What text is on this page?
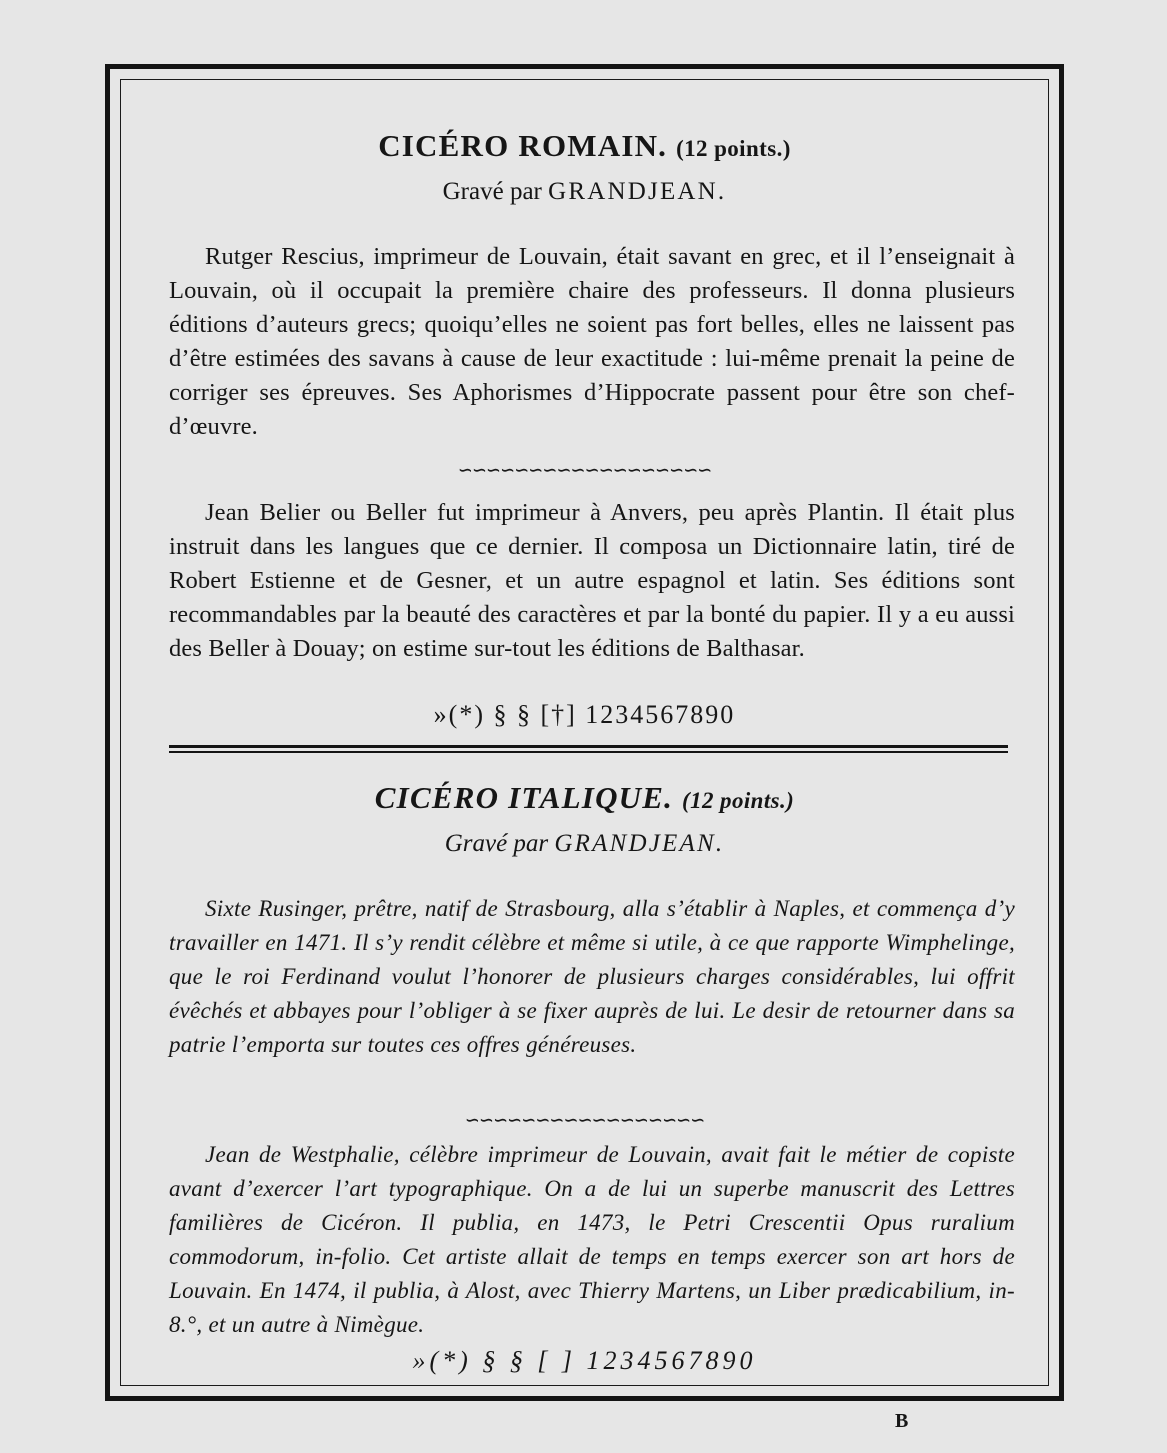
CICÉRO ROMAIN. (12 points.)

Gravé par GRANDJEAN.

Rutger Rescius, imprimeur de Louvain, était savant en grec, et il l’enseignait à Louvain, où il occupait la première chaire des professeurs. Il donna plusieurs éditions d’auteurs grecs; quoiqu’elles ne soient pas fort belles, elles ne laissent pas d’être estimées des savans à cause de leur exactitude : lui-même prenait la peine de corriger ses épreuves. Ses Aphorismes d’Hippocrate passent pour être son chef-d’œuvre.

∽∽∽∽∽∽∽∽∽∽∽∽∽∽∽∽∽∽

Jean Belier ou Beller fut imprimeur à Anvers, peu après Plantin. Il était plus instruit dans les langues que ce dernier. Il composa un Dictionnaire latin, tiré de Robert Estienne et de Gesner, et un autre espagnol et latin. Ses éditions sont recommandables par la beauté des caractères et par la bonté du papier. Il y a eu aussi des Beller à Douay; on estime sur-tout les éditions de Balthasar.

»(*) § § [†] 1234567890

CICÉRO ITALIQUE. (12 points.)

Gravé par GRANDJEAN.

Sixte Rusinger, prêtre, natif de Strasbourg, alla s’établir à Naples, et commença d’y travailler en 1471. Il s’y rendit célèbre et même si utile, à ce que rapporte Wimphelinge, que le roi Ferdinand voulut l’honorer de plusieurs charges considérables, lui offrit évêchés et abbayes pour l’obliger à se fixer auprès de lui. Le desir de retourner dans sa patrie l’emporta sur toutes ces offres généreuses.

∽∽∽∽∽∽∽∽∽∽∽∽∽∽∽∽∽

Jean de Westphalie, célèbre imprimeur de Louvain, avait fait le métier de copiste avant d’exercer l’art typographique. On a de lui un superbe manuscrit des Lettres familières de Cicéron. Il publia, en 1473, le Petri Crescentii Opus ruralium commodorum, in-folio. Cet artiste allait de temps en temps exercer son art hors de Louvain. En 1474, il publia, à Alost, avec Thierry Martens, un Liber prædicabilium, in-8.°, et un autre à Nimègue.

»(*) § § [ ] 1234567890

B
